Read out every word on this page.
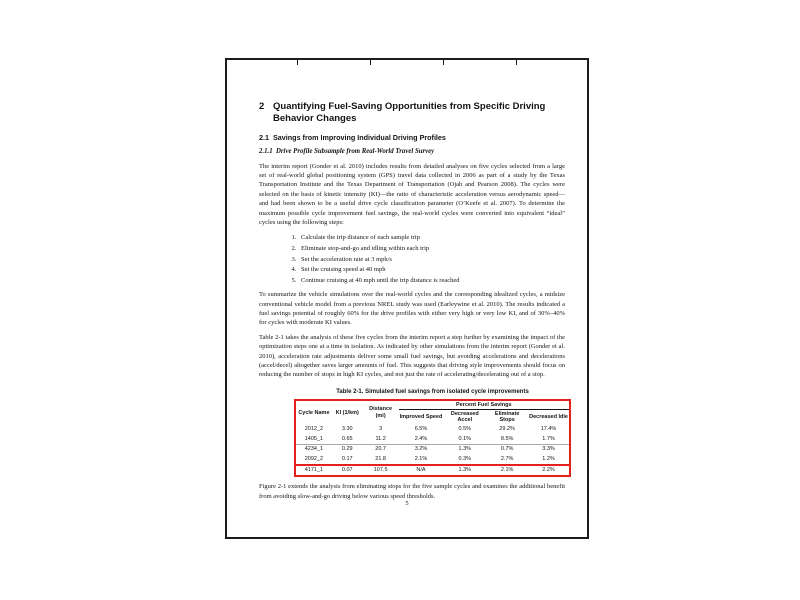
2 Quantifying Fuel-Saving Opportunities from Specific Driving Behavior Changes
2.1 Savings from Improving Individual Driving Profiles
2.1.1 Drive Profile Subsample from Real-World Travel Survey

The interim report (Gonder et al. 2010) includes results from detailed analyses on five cycles selected from a large set of real-world global positioning system (GPS) travel data collected in 2006 as part of a study by the Texas Transportation Institute and the Texas Department of Transportation (Ojah and Pearson 2008). The cycles were selected on the basis of kinetic intensity (KI)—the ratio of characteristic acceleration versus aerodynamic speed—and had been shown to be a useful drive cycle classification parameter (O’Keefe et al. 2007). To determine the maximum possible cycle improvement fuel savings, the real-world cycles were converted into equivalent “ideal” cycles using the following steps:

1. Calculate the trip distance of each sample trip
2. Eliminate stop-and-go and idling within each trip
3. Set the acceleration rate at 3 mph/s
4. Set the cruising speed at 40 mph
5. Continue cruising at 40 mph until the trip distance is reached

To summarize the vehicle simulations over the real-world cycles and the corresponding idealized cycles, a midsize conventional vehicle model from a previous NREL study was used (Earleywine et al. 2010). The results indicated a fuel savings potential of roughly 60% for the drive profiles with either very high or very low KI, and of 30%–40% for cycles with moderate KI values.

Table 2-1 takes the analysis of these five cycles from the interim report a step further by examining the impact of the optimization steps one at a time in isolation. As indicated by other simulations from the interim report (Gonder et al. 2010), acceleration rate adjustments deliver some small fuel savings, but avoiding accelerations and decelerations (accel/decel) altogether saves larger amounts of fuel. This suggests that driving style improvements should focus on reducing the number of stops in high KI cycles, and not just the rate of accelerating/decelerating out of a stop.

Table 2-1. Simulated fuel savings from isolated cycle improvements
Cycle Name	KI (1/km)	Distance (mi)	Percent Fuel Savings			
			Improved Speed	Decreased Accel	Eliminate Stops	Decreased Idle
2012_2	3.30	3	6.5%	0.5%	29.2%	17.4%
1405_1	0.65	11.2	2.4%	0.1%	8.5%	1.7%
4234_1	0.29	20.7	3.2%	1.3%	0.7%	3.3%
2092_2	0.17	21.8	2.1%	0.3%	2.7%	1.2%
4171_1	0.07	107.5	N/A	1.3%	2.1%	2.2%

Figure 2-1 extends the analysis from eliminating stops for the five sample cycles and examines the additional benefit from avoiding slow-and-go driving below various speed thresholds.

5
